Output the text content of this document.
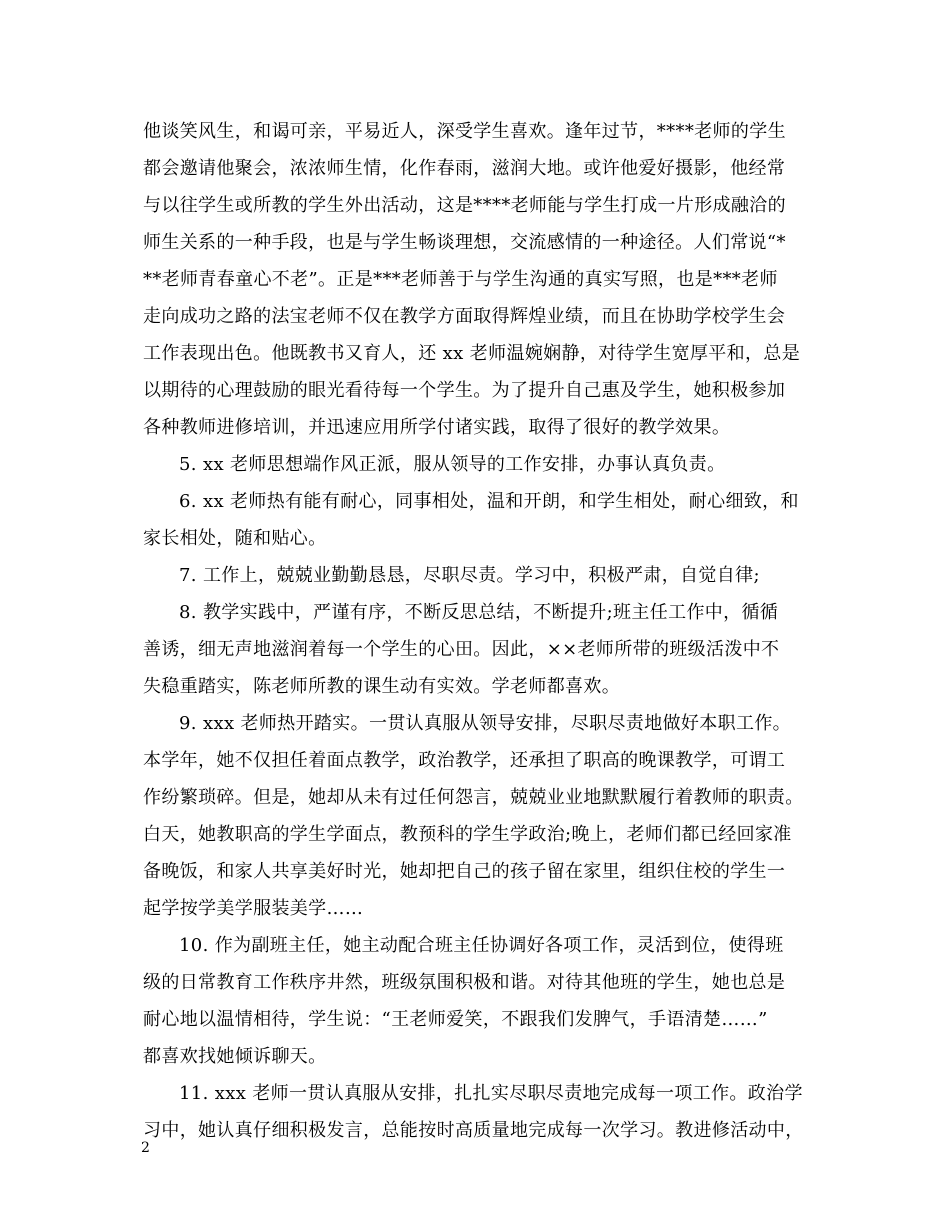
他谈笑风生，和谒可亲，平易近人，深受学生喜欢。逢年过节，****老师的学生
都会邀请他聚会，浓浓师生情，化作春雨，滋润大地。或许他爱好摄影，他经常
与以往学生或所教的学生外出活动，这是****老师能与学生打成一片形成融洽的
师生关系的一种手段，也是与学生畅谈理想，交流感情的一种途径。人们常说“*
**老师青春童心不老”。正是***老师善于与学生沟通的真实写照，也是***老师
走向成功之路的法宝老师不仅在教学方面取得辉煌业绩，而且在协助学校学生会
工作表现出色。他既教书又育人，还 xx 老师温婉娴静，对待学生宽厚平和，总是
以期待的心理鼓励的眼光看待每一个学生。为了提升自己惠及学生，她积极参加
各种教师进修培训，并迅速应用所学付诸实践，取得了很好的教学效果。
5. xx 老师思想端作风正派，服从领导的工作安排，办事认真负责。
6. xx 老师热有能有耐心，同事相处，温和开朗，和学生相处，耐心细致，和
家长相处，随和贴心。
7. 工作上，兢兢业勤勤恳恳，尽职尽责。学习中，积极严肃，自觉自律;
8. 教学实践中，严谨有序，不断反思总结，不断提升;班主任工作中，循循
善诱，细无声地滋润着每一个学生的心田。因此，××老师所带的班级活泼中不
失稳重踏实，陈老师所教的课生动有实效。学老师都喜欢。
9. xxx 老师热开踏实。一贯认真服从领导安排，尽职尽责地做好本职工作。
本学年，她不仅担任着面点教学，政治教学，还承担了职高的晚课教学，可谓工
作纷繁琐碎。但是，她却从未有过任何怨言，兢兢业业地默默履行着教师的职责。
白天，她教职高的学生学面点，教预科的学生学政治;晚上，老师们都已经回家准
备晚饭，和家人共享美好时光，她却把自己的孩子留在家里，组织住校的学生一
起学按学美学服装美学……
10. 作为副班主任，她主动配合班主任协调好各项工作，灵活到位，使得班
级的日常教育工作秩序井然，班级氛围积极和谐。对待其他班的学生，她也总是
耐心地以温情相待，学生说：“王老师爱笑，不跟我们发脾气，手语清楚……”
都喜欢找她倾诉聊天。
11. xxx 老师一贯认真服从安排，扎扎实尽职尽责地完成每一项工作。政治学
习中，她认真仔细积极发言，总能按时高质量地完成每一次学习。教进修活动中，
2
